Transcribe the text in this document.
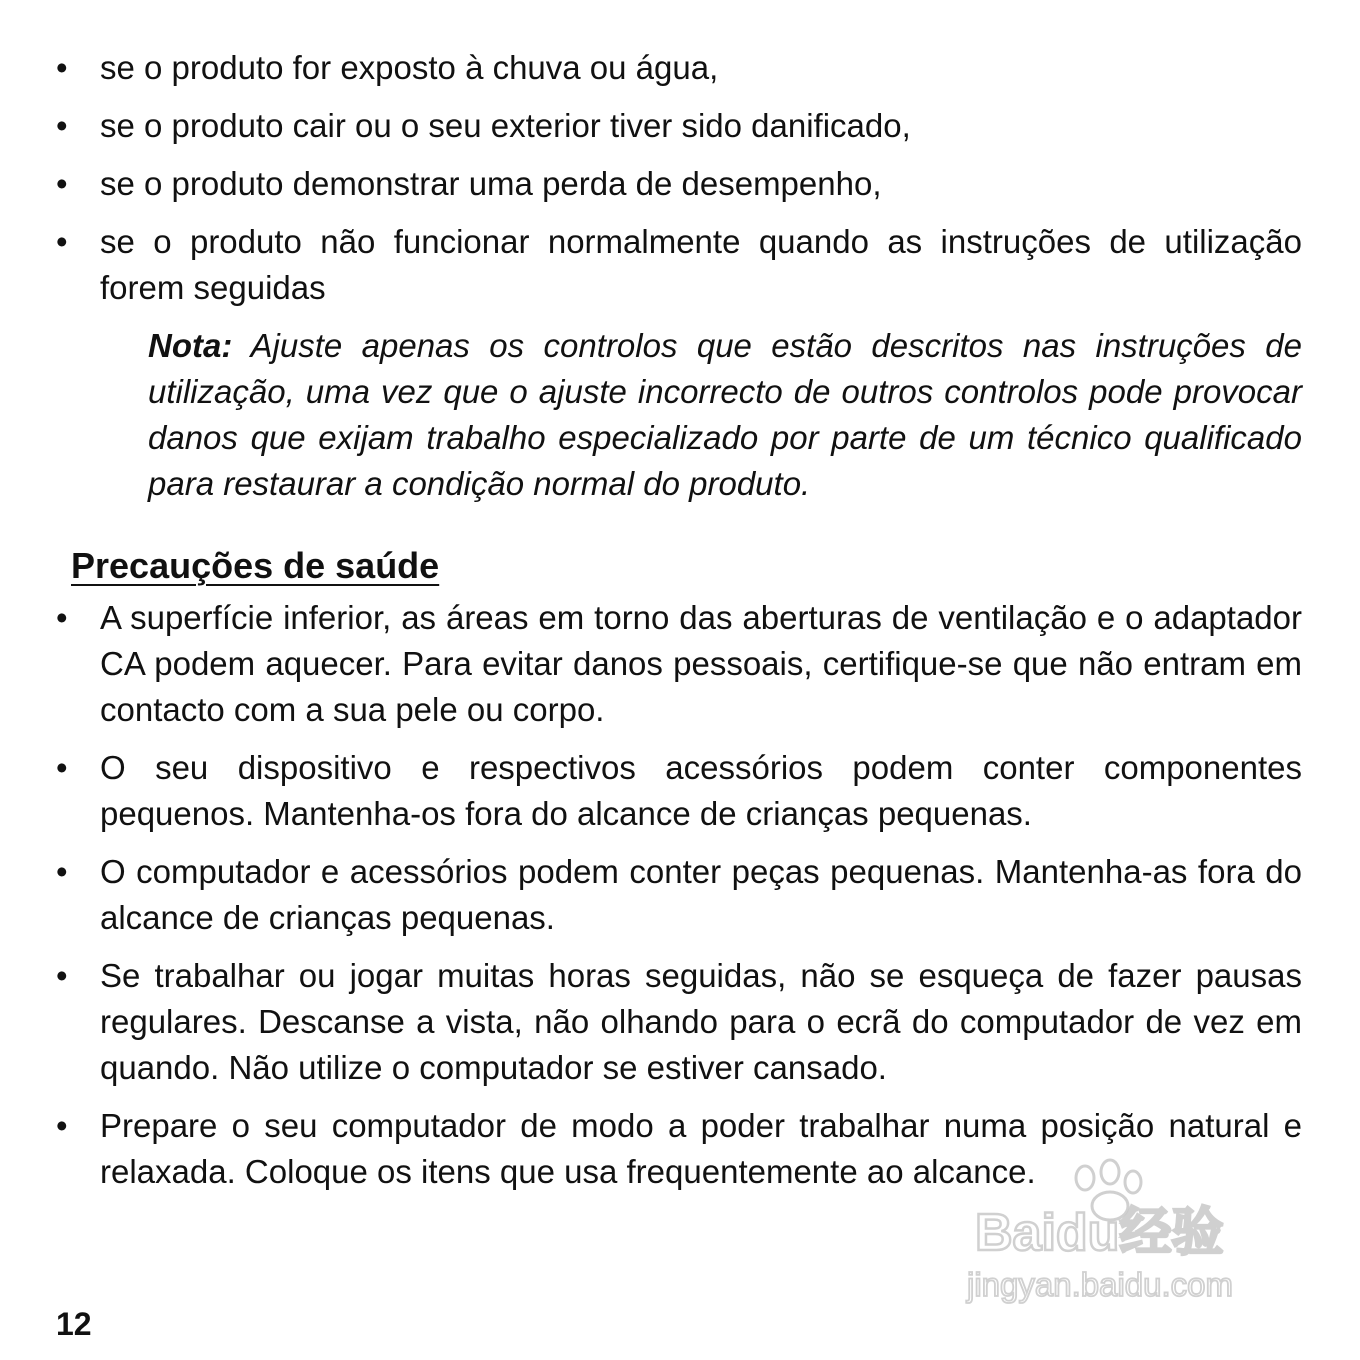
• se o produto for exposto à chuva ou água,
• se o produto cair ou o seu exterior tiver sido danificado,
• se o produto demonstrar uma perda de desempenho,
• se o produto não funcionar normalmente quando as instruções de utilização forem seguidas
Nota: Ajuste apenas os controlos que estão descritos nas instruções de utilização, uma vez que o ajuste incorrecto de outros controlos pode provocar danos que exijam trabalho especializado por parte de um técnico qualificado para restaurar a condição normal do produto.
Precauções de saúde
• A superfície inferior, as áreas em torno das aberturas de ventilação e o adaptador CA podem aquecer. Para evitar danos pessoais, certifique-se que não entram em contacto com a sua pele ou corpo.
• O seu dispositivo e respectivos acessórios podem conter componentes pequenos. Mantenha-os fora do alcance de crianças pequenas.
• O computador e acessórios podem conter peças pequenas. Mantenha-as fora do alcance de crianças pequenas.
• Se trabalhar ou jogar muitas horas seguidas, não se esqueça de fazer pausas regulares. Descanse a vista, não olhando para o ecrã do computador de vez em quando. Não utilize o computador se estiver cansado.
• Prepare o seu computador de modo a poder trabalhar numa posição natural e relaxada. Coloque os itens que usa frequentemente ao alcance.
12
Baidu经验
jingyan.baidu.com
